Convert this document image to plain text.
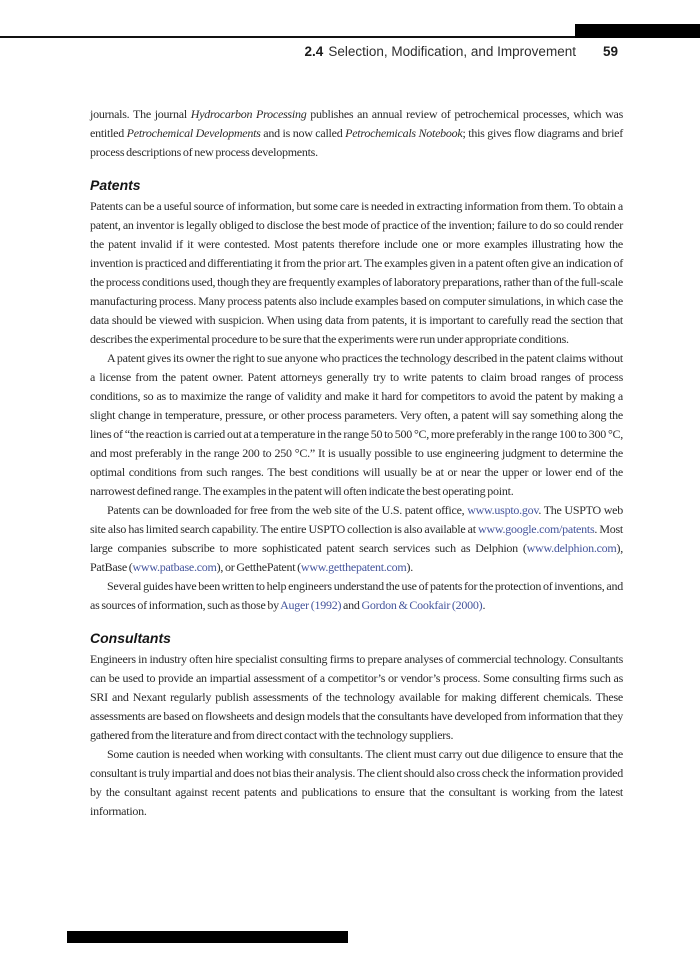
2.4 Selection, Modification, and Improvement 59

journals. The journal Hydrocarbon Processing publishes an annual review of petrochemical processes, which was entitled Petrochemical Developments and is now called Petrochemicals Notebook; this gives flow diagrams and brief process descriptions of new process developments.

Patents

Patents can be a useful source of information, but some care is needed in extracting information from them. To obtain a patent, an inventor is legally obliged to disclose the best mode of practice of the invention; failure to do so could render the patent invalid if it were contested. Most patents therefore include one or more examples illustrating how the invention is practiced and differentiating it from the prior art. The examples given in a patent often give an indication of the process conditions used, though they are frequently examples of laboratory preparations, rather than of the full-scale manufacturing process. Many process patents also include examples based on computer simulations, in which case the data should be viewed with suspicion. When using data from patents, it is important to carefully read the section that describes the experimental procedure to be sure that the experiments were run under appropriate conditions.

A patent gives its owner the right to sue anyone who practices the technology described in the patent claims without a license from the patent owner. Patent attorneys generally try to write patents to claim broad ranges of process conditions, so as to maximize the range of validity and make it hard for competitors to avoid the patent by making a slight change in temperature, pressure, or other process parameters. Very often, a patent will say something along the lines of “the reaction is carried out at a temperature in the range 50 to 500 °C, more preferably in the range 100 to 300 °C, and most preferably in the range 200 to 250 °C.” It is usually possible to use engineering judgment to determine the optimal conditions from such ranges. The best conditions will usually be at or near the upper or lower end of the narrowest defined range. The examples in the patent will often indicate the best operating point.

Patents can be downloaded for free from the web site of the U.S. patent office, www.uspto.gov. The USPTO web site also has limited search capability. The entire USPTO collection is also available at www.google.com/patents. Most large companies subscribe to more sophisticated patent search services such as Delphion (www.delphion.com), PatBase (www.patbase.com), or GetthePatent (www.getthepatent.com).

Several guides have been written to help engineers understand the use of patents for the protection of inventions, and as sources of information, such as those by Auger (1992) and Gordon & Cookfair (2000).

Consultants

Engineers in industry often hire specialist consulting firms to prepare analyses of commercial technology. Consultants can be used to provide an impartial assessment of a competitor’s or vendor’s process. Some consulting firms such as SRI and Nexant regularly publish assessments of the technology available for making different chemicals. These assessments are based on flowsheets and design models that the consultants have developed from information that they gathered from the literature and from direct contact with the technology suppliers.

Some caution is needed when working with consultants. The client must carry out due diligence to ensure that the consultant is truly impartial and does not bias their analysis. The client should also cross check the information provided by the consultant against recent patents and publications to ensure that the consultant is working from the latest information.
